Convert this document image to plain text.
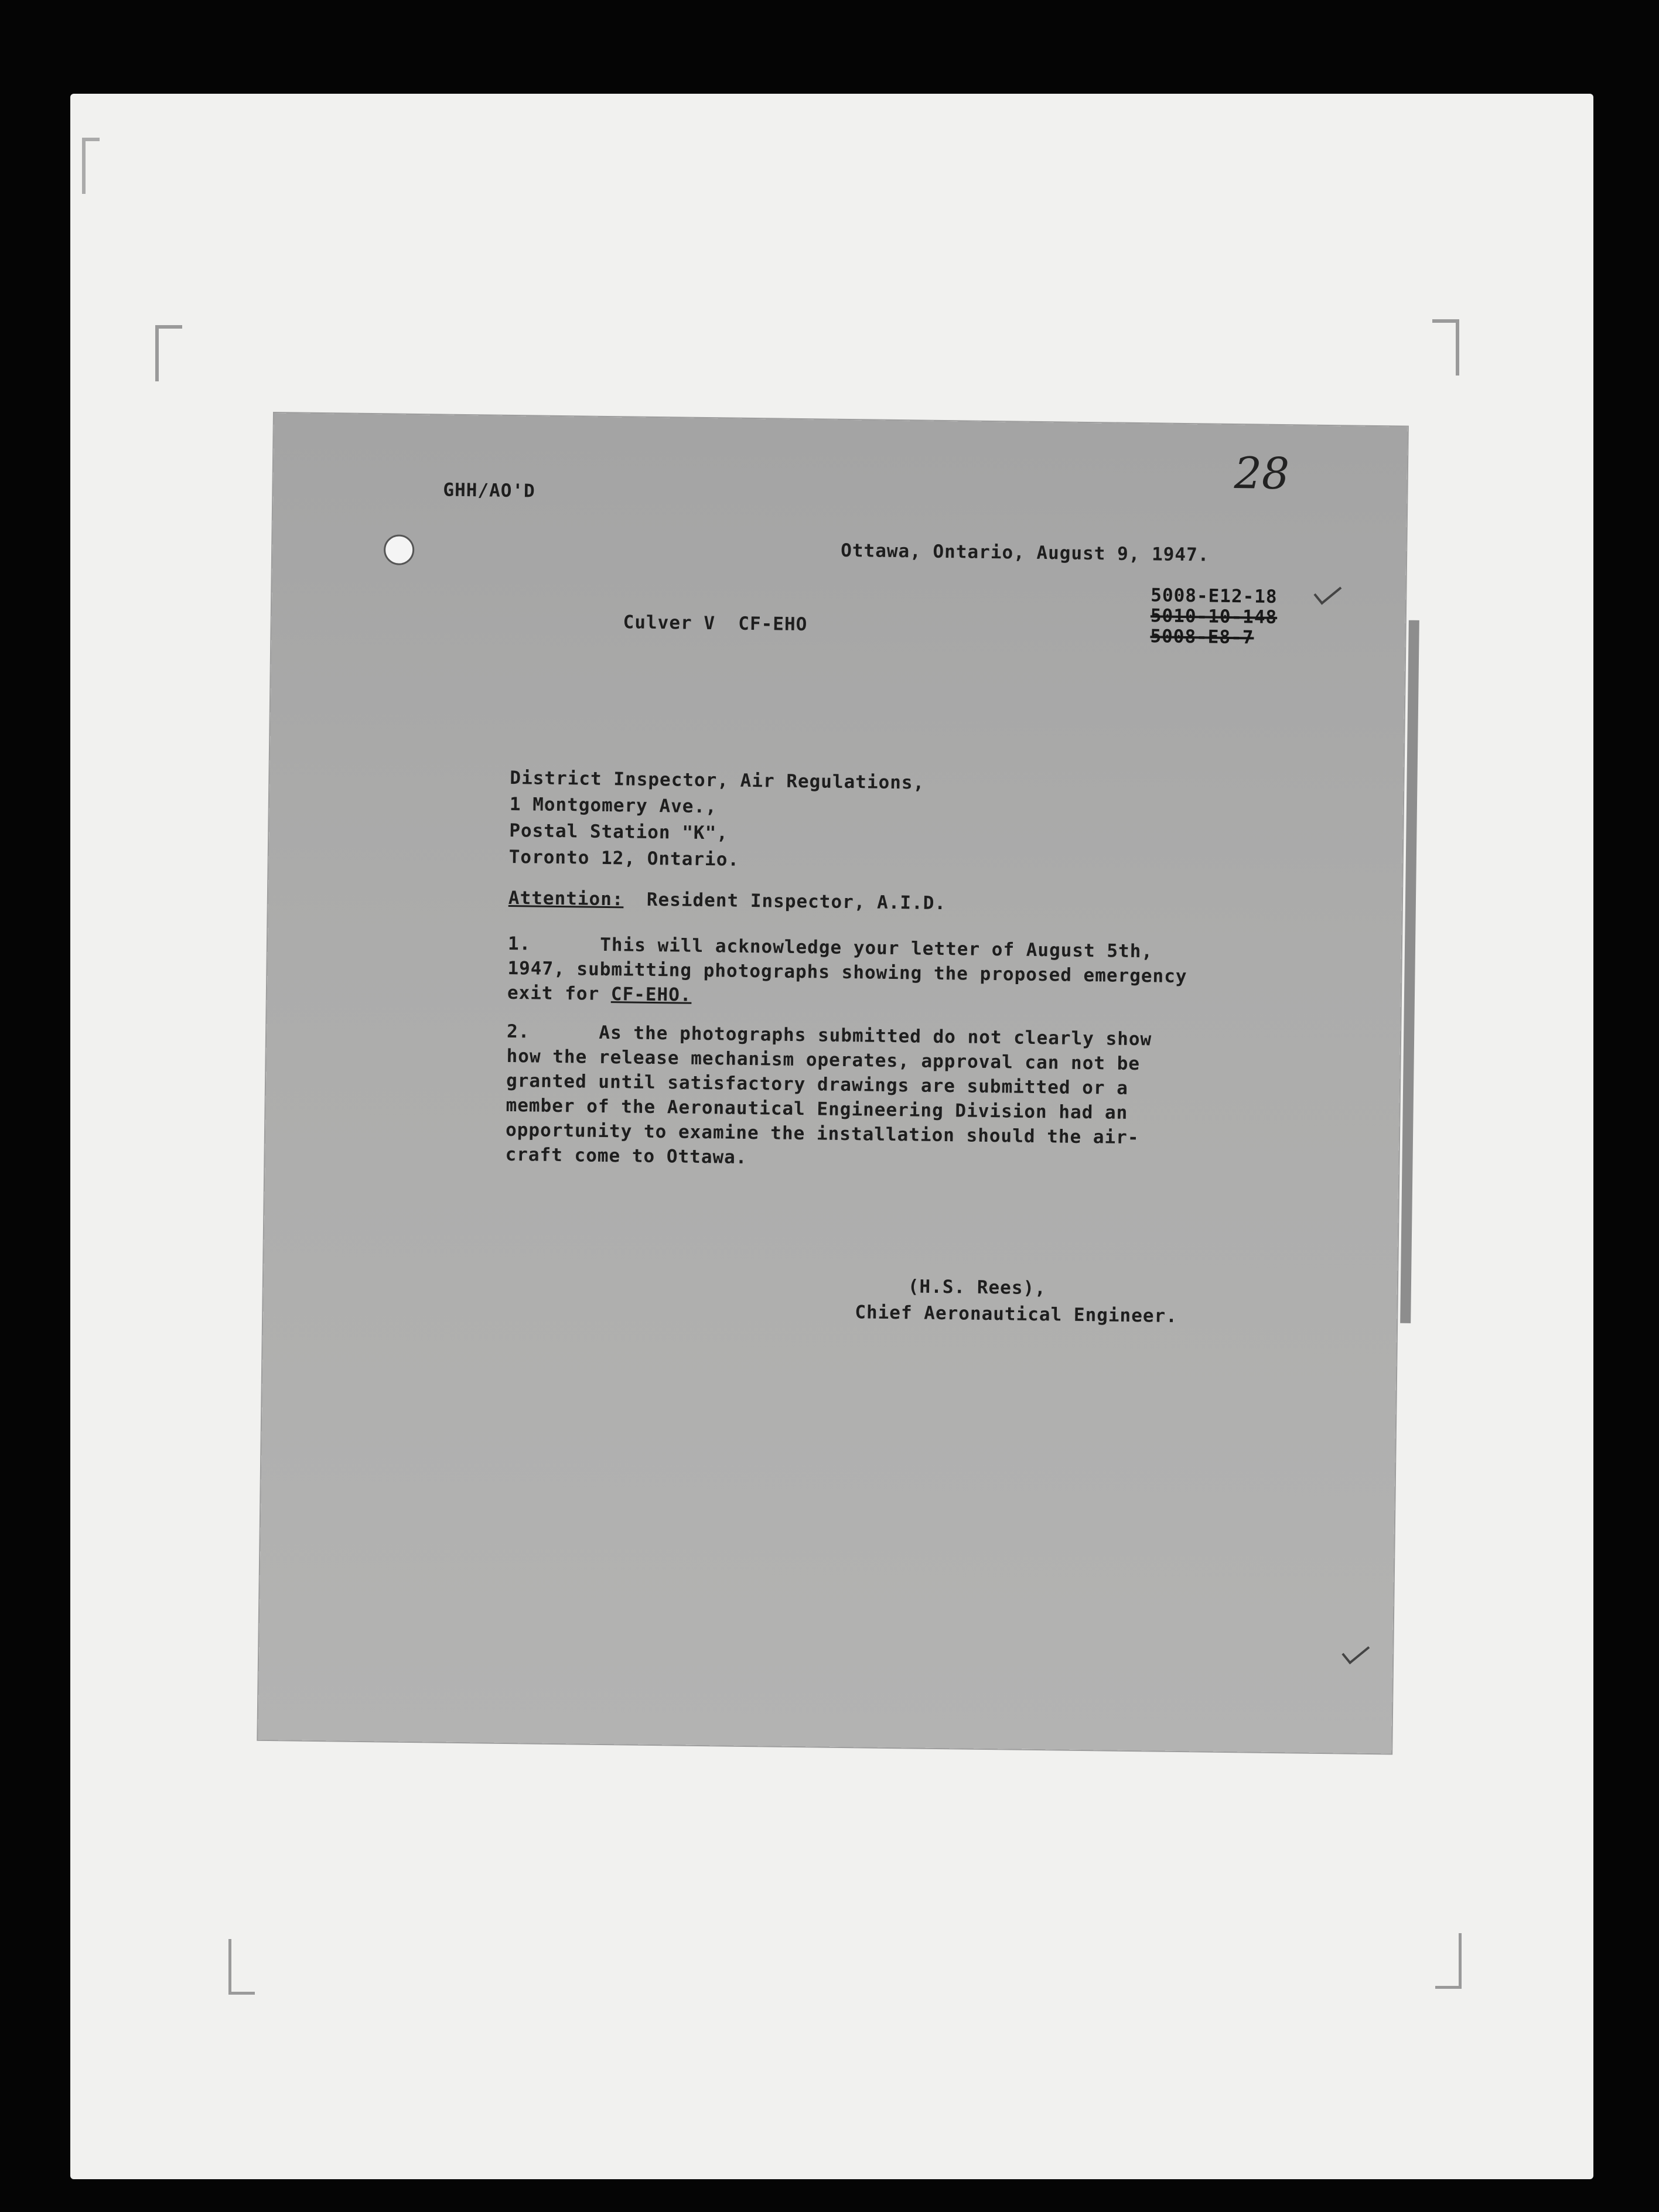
GHH/AO'D	28
Ottawa, Ontario, August 9, 1947.
5008-E12-18
5010-10-148
5008-E8-7
Culver V  CF-EHO
District Inspector, Air Regulations,
1 Montgomery Ave.,
Postal Station "K",
Toronto 12, Ontario.
Attention: Resident Inspector, A.I.D.
1.	This will acknowledge your letter of August 5th,
1947, submitting photographs showing the proposed emergency
exit for CF-EHO.
2.	As the photographs submitted do not clearly show
how the release mechanism operates, approval can not be
granted until satisfactory drawings are submitted or a
member of the Aeronautical Engineering Division had an
opportunity to examine the installation should the air-
craft come to Ottawa.
(H.S. Rees),
Chief Aeronautical Engineer.
